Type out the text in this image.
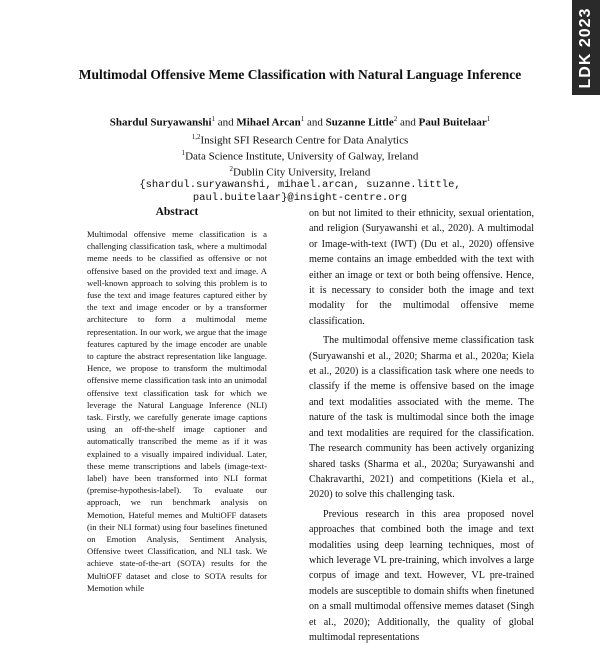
LDK 2023
Multimodal Offensive Meme Classification with Natural Language Inference
Shardul Suryawanshi$^1$ and Mihael Arcan$^1$ and Suzanne Little$^2$ and Paul Buitelaar$^1$
$^{1,2}$Insight SFI Research Centre for Data Analytics
$^1$Data Science Institute, University of Galway, Ireland
$^2$Dublin City University, Ireland
{shardul.suryawanshi, mihael.arcan, suzanne.little,
paul.buitelaar}@insight-centre.org
Abstract
Multimodal offensive meme classification is a challenging classification task, where a multimodal meme needs to be classified as offensive or not offensive based on the provided text and image. A well-known approach to solving this problem is to fuse the text and image features captured either by the text and image encoder or by a transformer architecture to form a multimodal meme representation. In our work, we argue that the image features captured by the image encoder are unable to capture the abstract representation like language. Hence, we propose to transform the multimodal offensive meme classification task into an unimodal offensive text classification task for which we leverage the Natural Language Inference (NLI) task. Firstly, we carefully generate image captions using an off-the-shelf image captioner and automatically transcribed the meme as if it was explained to a visually impaired individual. Later, these meme transcriptions and labels (image-text-label) have been transformed into NLI format (premise-hypothesis-label). To evaluate our approach, we run benchmark analysis on Memotion, Hateful memes and MultiOFF datasets (in their NLI format) using four baselines finetuned on Emotion Analysis, Sentiment Analysis, Offensive tweet Classification, and NLI task. We achieve state-of-the-art (SOTA) results for the MultiOFF dataset and close to SOTA results for Memotion while

on but not limited to their ethnicity, sexual orientation, and religion (Suryawanshi et al., 2020). A multimodal or Image-with-text (IWT) (Du et al., 2020) offensive meme contains an image embedded with the text with either an image or text or both being offensive. Hence, it is necessary to consider both the image and text modality for the multimodal offensive meme classification.

The multimodal offensive meme classification task (Suryawanshi et al., 2020; Sharma et al., 2020a; Kiela et al., 2020) is a classification task where one needs to classify if the meme is offensive based on the image and text modalities associated with the meme. The nature of the task is multimodal since both the image and text modalities are required for the classification. The research community has been actively organizing shared tasks (Sharma et al., 2020a; Suryawanshi and Chakravarthi, 2021) and competitions (Kiela et al., 2020) to solve this challenging task.

Previous research in this area proposed novel approaches that combined both the image and text modalities using deep learning techniques, most of which leverage VL pre-training, which involves a large corpus of image and text. However, VL pre-trained models are susceptible to domain shifts when finetuned on a small multimodal offensive memes dataset (Singh et al., 2020); Additionally, the quality of global multimodal representations
